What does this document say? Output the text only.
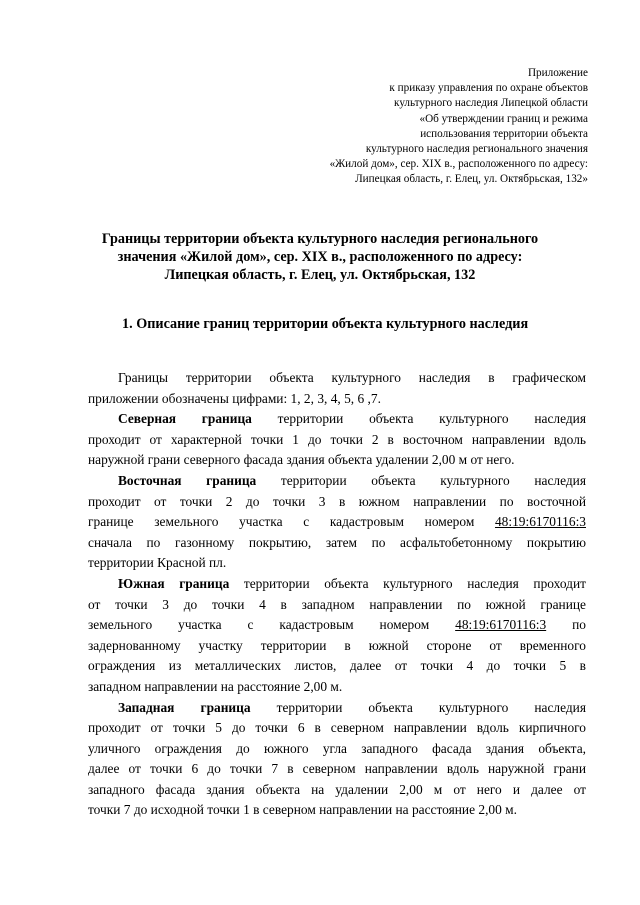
Приложение
к приказу управления по охране объектов
культурного наследия Липецкой области
«Об утверждении границ и режима
использования территории объекта
культурного наследия регионального значения
«Жилой дом», сер. XIX в., расположенного по адресу:
Липецкая область, г. Елец, ул. Октябрьская, 132»
Границы территории объекта культурного наследия регионального
значения «Жилой дом», сер. XIX в., расположенного по адресу:
Липецкая область, г. Елец, ул. Октябрьская, 132
1. Описание границ территории объекта культурного наследия
Границы территории объекта культурного наследия в графическом
приложении обозначены цифрами: 1, 2, 3, 4, 5, 6 ,7.
Северная граница территории объекта культурного наследия
проходит от характерной точки 1 до точки 2 в восточном направлении вдоль
наружной грани северного фасада здания объекта удалении 2,00 м от него.
Восточная граница территории объекта культурного наследия
проходит от точки 2 до точки 3 в южном направлении по восточной
границе земельного участка с кадастровым номером 48:19:6170116:3
сначала по газонному покрытию, затем по асфальтобетонному покрытию
территории Красной пл.
Южная граница территории объекта культурного наследия проходит
от точки 3 до точки 4 в западном направлении по южной границе
земельного участка с кадастровым номером 48:19:6170116:3 по
задернованному участку территории в южной стороне от временного
ограждения из металлических листов, далее от точки 4 до точки 5 в
западном направлении на расстояние 2,00 м.
Западная граница территории объекта культурного наследия
проходит от точки 5 до точки 6 в северном направлении вдоль кирпичного
уличного ограждения до южного угла западного фасада здания объекта,
далее от точки 6 до точки 7 в северном направлении вдоль наружной грани
западного фасада здания объекта на удалении 2,00 м от него и далее от
точки 7 до исходной точки 1 в северном направлении на расстояние 2,00 м.
